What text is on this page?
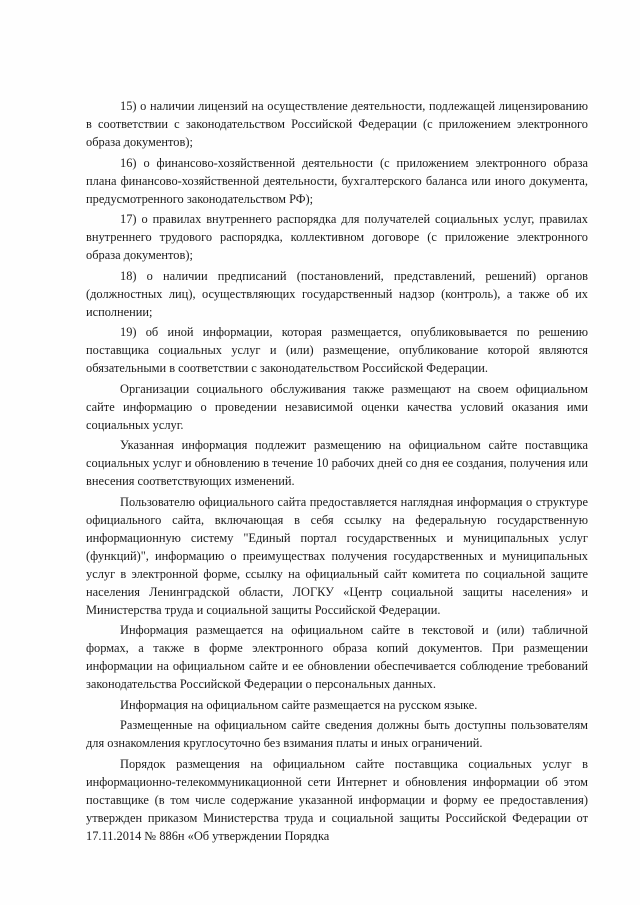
15) о наличии лицензий на осуществление деятельности, подлежащей лицензированию в соответствии с законодательством Российской Федерации (с приложением электронного образа документов);

16) о финансово-хозяйственной деятельности (с приложением электронного образа плана финансово-хозяйственной деятельности, бухгалтерского баланса или иного документа, предусмотренного законодательством РФ);

17) о правилах внутреннего распорядка для получателей социальных услуг, правилах внутреннего трудового распорядка, коллективном договоре (с приложение электронного образа документов);

18) о наличии предписаний (постановлений, представлений, решений) органов (должностных лиц), осуществляющих государственный надзор (контроль), а также об их исполнении;

19) об иной информации, которая размещается, опубликовывается по решению поставщика социальных услуг и (или) размещение, опубликование которой являются обязательными в соответствии с законодательством Российской Федерации.

Организации социального обслуживания также размещают на своем официальном сайте информацию о проведении независимой оценки качества условий оказания ими социальных услуг.

Указанная информация подлежит размещению на официальном сайте поставщика социальных услуг и обновлению в течение 10 рабочих дней со дня ее создания, получения или внесения соответствующих изменений.

Пользователю официального сайта предоставляется наглядная информация о структуре официального сайта, включающая в себя ссылку на федеральную государственную информационную систему "Единый портал государственных и муниципальных услуг (функций)", информацию о преимуществах получения государственных и муниципальных услуг в электронной форме, ссылку на официальный сайт комитета по социальной защите населения Ленинградской области, ЛОГКУ «Центр социальной защиты населения» и Министерства труда и социальной защиты Российской Федерации.

Информация размещается на официальном сайте в текстовой и (или) табличной формах, а также в форме электронного образа копий документов. При размещении информации на официальном сайте и ее обновлении обеспечивается соблюдение требований законодательства Российской Федерации о персональных данных.

Информация на официальном сайте размещается на русском языке.

Размещенные на официальном сайте сведения должны быть доступны пользователям для ознакомления круглосуточно без взимания платы и иных ограничений.

Порядок размещения на официальном сайте поставщика социальных услуг в информационно-телекоммуникационной сети Интернет и обновления информации об этом поставщике (в том числе содержание указанной информации и форму ее предоставления) утвержден приказом Министерства труда и социальной защиты Российской Федерации от 17.11.2014 № 886н «Об утверждении Порядка
